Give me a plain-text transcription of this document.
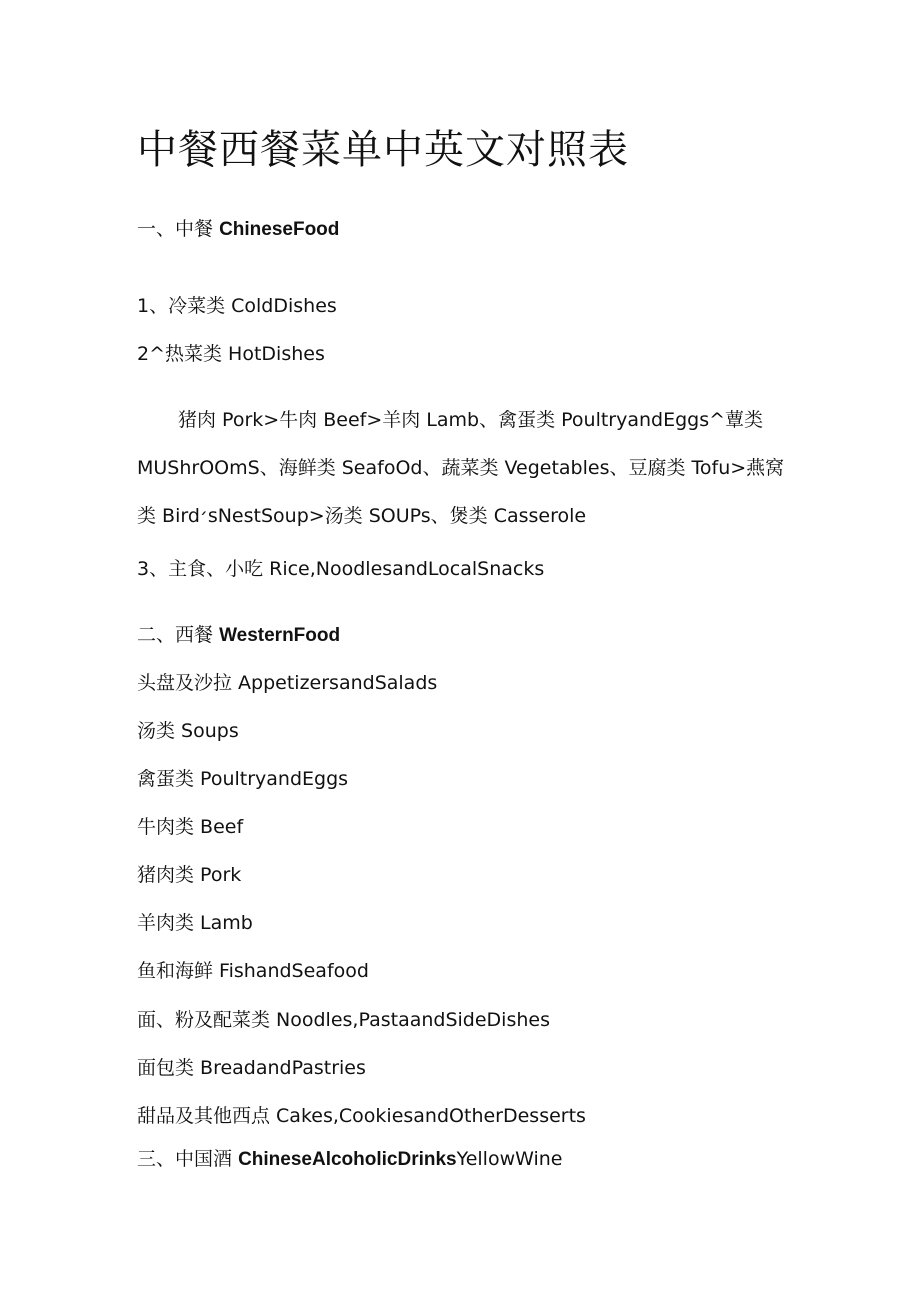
中餐西餐菜单中英文对照表
一、中餐 ChineseFood
1、冷菜类 ColdDishes
2^热菜类 HotDishes
猪肉 Pork>牛肉 Beef>羊肉 Lamb、禽蛋类 PoultryandEggs^蕈类
MUShrOOmS、海鲜类 SeafoOd、蔬菜类 Vegetables、豆腐类 Tofu>燕窝
类 Bird׳sNestSoup>汤类 SOUPs、煲类 Casserole
3、主食、小吃 Rice,NoodlesandLocalSnacks
二、西餐 WesternFood
头盘及沙拉 AppetizersandSalads
汤类 Soups
禽蛋类 PoultryandEggs
牛肉类 Beef
猪肉类 Pork
羊肉类 Lamb
鱼和海鲜 FishandSeafood
面、粉及配菜类 Noodles,PastaandSideDishes
面包类 BreadandPastries
甜品及其他西点 Cakes,CookiesandOtherDesserts
三、中国酒 ChineseAlcoholicDrinksYellowWine
